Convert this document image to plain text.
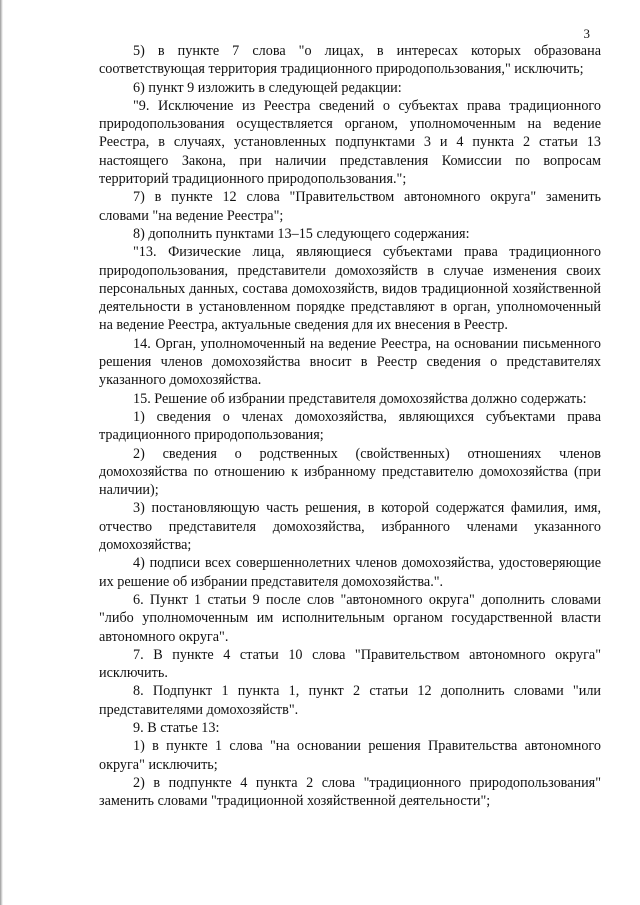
3

5) в пункте 7 слова "о лицах, в интересах которых образована соответствующая территория традиционного природопользования," исключить;

6) пункт 9 изложить в следующей редакции:

"9. Исключение из Реестра сведений о субъектах права традиционного природопользования осуществляется органом, уполномоченным на ведение Реестра, в случаях, установленных подпунктами 3 и 4 пункта 2 статьи 13 настоящего Закона, при наличии представления Комиссии по вопросам территорий традиционного природопользования.";

7) в пункте 12 слова "Правительством автономного округа" заменить словами "на ведение Реестра";

8) дополнить пунктами 13–15 следующего содержания:

"13. Физические лица, являющиеся субъектами права традиционного природопользования, представители домохозяйств в случае изменения своих персональных данных, состава домохозяйств, видов традиционной хозяйственной деятельности в установленном порядке представляют в орган, уполномоченный на ведение Реестра, актуальные сведения для их внесения в Реестр.

14. Орган, уполномоченный на ведение Реестра, на основании письменного решения членов домохозяйства вносит в Реестр сведения о представителях указанного домохозяйства.

15. Решение об избрании представителя домохозяйства должно содержать:

1) сведения о членах домохозяйства, являющихся субъектами права традиционного природопользования;

2) сведения о родственных (свойственных) отношениях членов домохозяйства по отношению к избранному представителю домохозяйства (при наличии);

3) постановляющую часть решения, в которой содержатся фамилия, имя, отчество представителя домохозяйства, избранного членами указанного домохозяйства;

4) подписи всех совершеннолетних членов домохозяйства, удостоверяющие их решение об избрании представителя домохозяйства.".

6. Пункт 1 статьи 9 после слов "автономного округа" дополнить словами "либо уполномоченным им исполнительным органом государственной власти автономного округа".

7. В пункте 4 статьи 10 слова "Правительством автономного округа" исключить.

8. Подпункт 1 пункта 1, пункт 2 статьи 12 дополнить словами "или представителями домохозяйств".

9. В статье 13:

1) в пункте 1 слова "на основании решения Правительства автономного округа" исключить;

2) в подпункте 4 пункта 2 слова "традиционного природопользования" заменить словами "традиционной хозяйственной деятельности";
